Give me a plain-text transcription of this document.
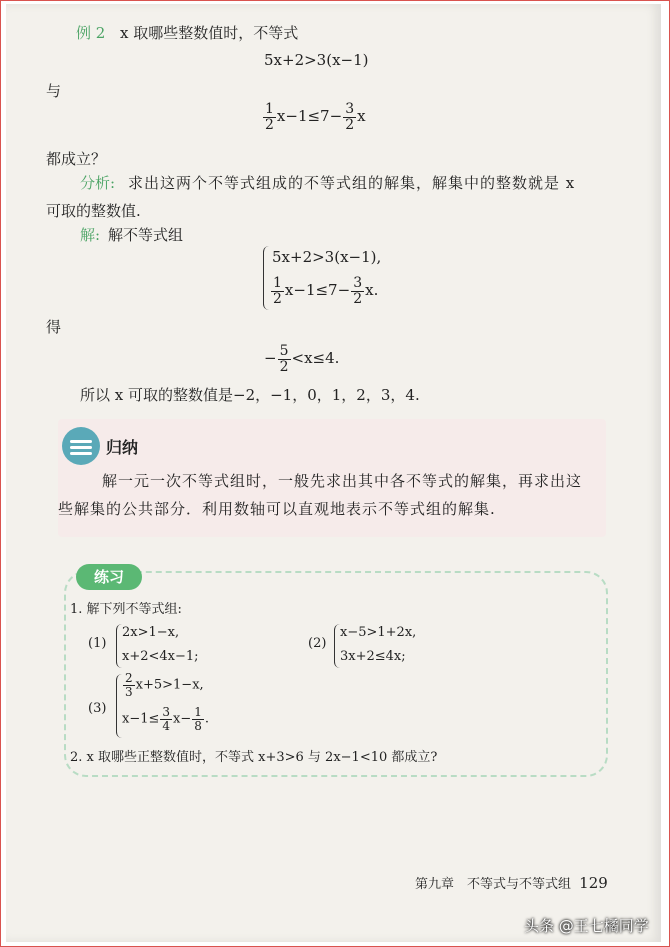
例 2 x 取哪些整数值时，不等式
5x+2>3(x−1)
与
$\frac{1}{2} x-1\le 7- \frac{3}{2}$ x
都成立？
分析: 求出这两个不等式组成的不等式组的解集，解集中的整数就是 x
可取的整数值.
解: 解不等式组
5x+2>3(x−1),
$\frac{1}{2} x-1\le 7- \frac{3}{2} x$.
得
− $\frac{5}{2} <x\le 4$.
所以 x 可取的整数值是−2，−1，0，1，2，3，4.
归纳
解一元一次不等式组时，一般先求出其中各不等式的解集，再求出这
些解集的公共部分．利用数轴可以直观地表示不等式组的解集.
练习
1. 解下列不等式组:
(1)
2x>1−x,
x+2<4x−1;
(2)
x−5>1+2x,
3x+2≤4x;
(3)
$\frac{2}{3} x+5>1-x$,
$x-1\le \frac{3}{4} x- \frac{1}{8}$ .
2. x 取哪些正整数值时，不等式 x+3>6 与 2x−1<10 都成立?
第九章　不等式与不等式组 129
头条 @王七橘同学
